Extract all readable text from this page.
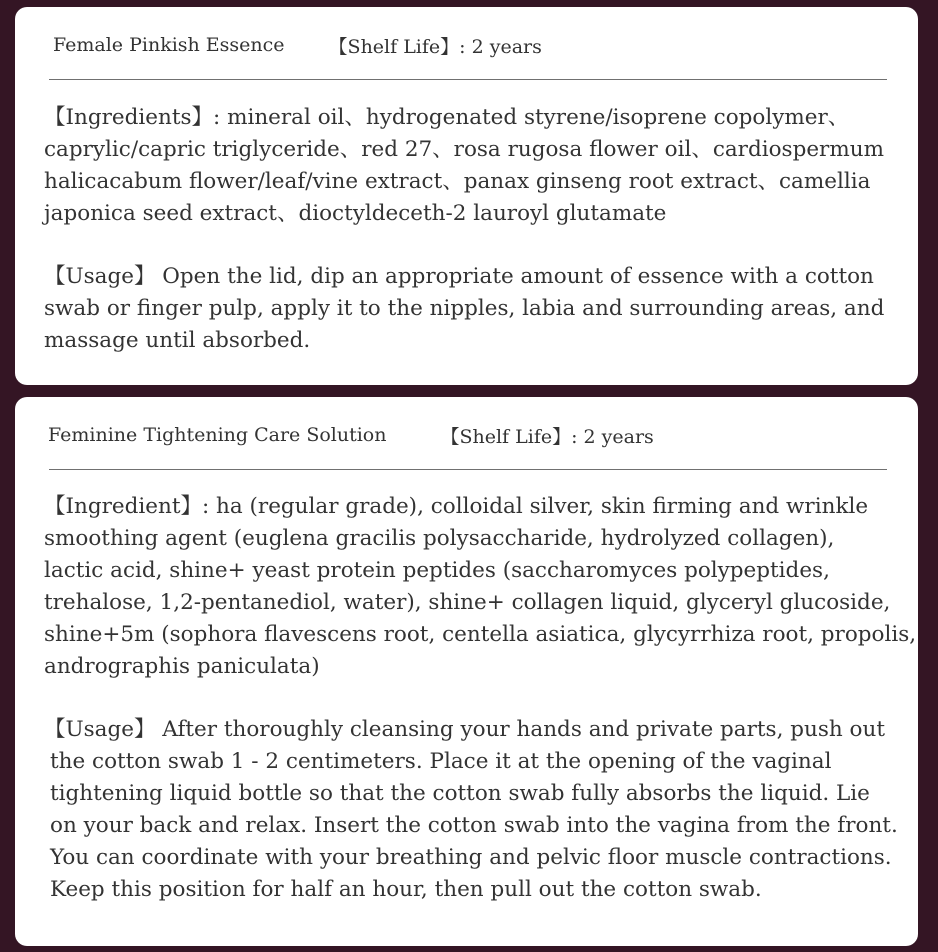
Female Pinkish Essence 【Shelf Life】: 2 years

【Ingredients】: mineral oil、hydrogenated styrene/isoprene copolymer、
caprylic/capric triglyceride、red 27、rosa rugosa flower oil、cardiospermum
halicacabum flower/leaf/vine extract、panax ginseng root extract、camellia
japonica seed extract、dioctyldeceth-2 lauroyl glutamate

【Usage】 Open the lid, dip an appropriate amount of essence with a cotton
swab or finger pulp, apply it to the nipples, labia and surrounding areas, and
massage until absorbed.

Feminine Tightening Care Solution	【Shelf Life】: 2 years

【Ingredient】: ha (regular grade), colloidal silver, skin firming and wrinkle
smoothing agent (euglena gracilis polysaccharide, hydrolyzed collagen),
lactic acid, shine+ yeast protein peptides (saccharomyces polypeptides,
trehalose, 1,2-pentanediol, water), shine+ collagen liquid, glyceryl glucoside,
shine+5m (sophora flavescens root, centella asiatica, glycyrrhiza root, propolis,
andrographis paniculata)

【Usage】 After thoroughly cleansing your hands and private parts, push out
the cotton swab 1 - 2 centimeters. Place it at the opening of the vaginal
tightening liquid bottle so that the cotton swab fully absorbs the liquid. Lie
on your back and relax. Insert the cotton swab into the vagina from the front.
You can coordinate with your breathing and pelvic floor muscle contractions.
Keep this position for half an hour, then pull out the cotton swab.
